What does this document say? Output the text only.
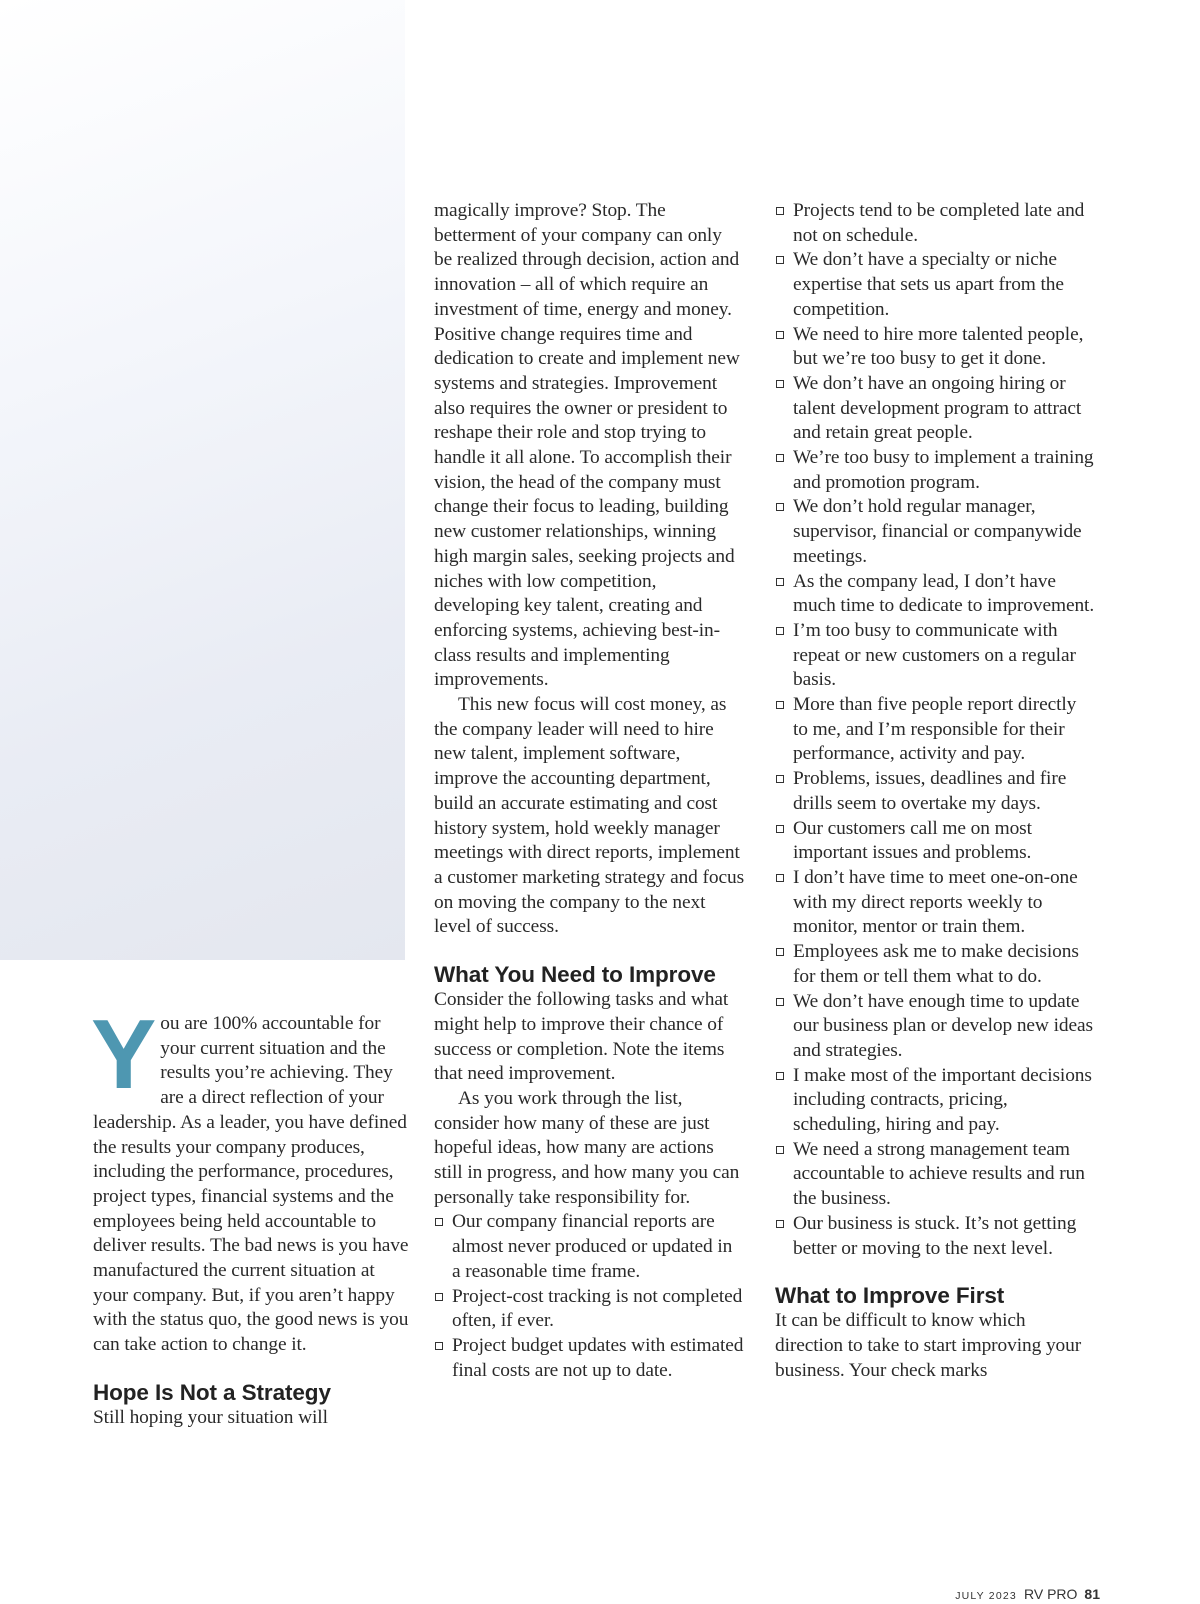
Y ou are 100% accountable for your current situation and the results you’re achieving. They are a direct reflection of your leadership. As a leader, you have defined the results your company produces, including the performance, procedures, project types, financial systems and the employees being held accountable to deliver results. The bad news is you have manufactured the current situation at your company. But, if you aren’t happy with the status quo, the good news is you can take action to change it.

Hope Is Not a Strategy

Still hoping your situation will

magically improve? Stop. The betterment of your company can only be realized through decision, action and innovation – all of which require an investment of time, energy and money. Positive change requires time and dedication to create and implement new systems and strategies. Improvement also requires the owner or president to reshape their role and stop trying to handle it all alone. To accomplish their vision, the head of the company must change their focus to leading, building new customer relationships, winning high margin sales, seeking projects and niches with low competition, developing key talent, creating and enforcing systems, achieving best-in-class results and implementing improvements.

This new focus will cost money, as the company leader will need to hire new talent, implement software, improve the accounting department, build an accurate estimating and cost history system, hold weekly manager meetings with direct reports, implement a customer marketing strategy and focus on moving the company to the next level of success.

What You Need to Improve

Consider the following tasks and what might help to improve their chance of success or completion. Note the items that need improvement.

As you work through the list, consider how many of these are just hopeful ideas, how many are actions still in progress, and how many you can personally take responsibility for.

Our company financial reports are almost never produced or updated in a reasonable time frame.
Project-cost tracking is not completed often, if ever.
Project budget updates with estimated final costs are not up to date.
Projects tend to be completed late and not on schedule.
We don’t have a specialty or niche expertise that sets us apart from the competition.
We need to hire more talented people, but we’re too busy to get it done.
We don’t have an ongoing hiring or talent development program to attract and retain great people.
We’re too busy to implement a training and promotion program.
We don’t hold regular manager, supervisor, financial or companywide meetings.
As the company lead, I don’t have much time to dedicate to improvement.
I’m too busy to communicate with repeat or new customers on a regular basis.
More than five people report directly to me, and I’m responsible for their performance, activity and pay.
Problems, issues, deadlines and fire drills seem to overtake my days.
Our customers call me on most important issues and problems.
I don’t have time to meet one-on-one with my direct reports weekly to monitor, mentor or train them.
Employees ask me to make decisions for them or tell them what to do.
We don’t have enough time to update our business plan or develop new ideas and strategies.
I make most of the important decisions including contracts, pricing, scheduling, hiring and pay.
We need a strong management team accountable to achieve results and run the business.
Our business is stuck. It’s not getting better or moving to the next level.
What to Improve First

It can be difficult to know which direction to take to start improving your business. Your check marks

JULY 2023 RV PRO 81
